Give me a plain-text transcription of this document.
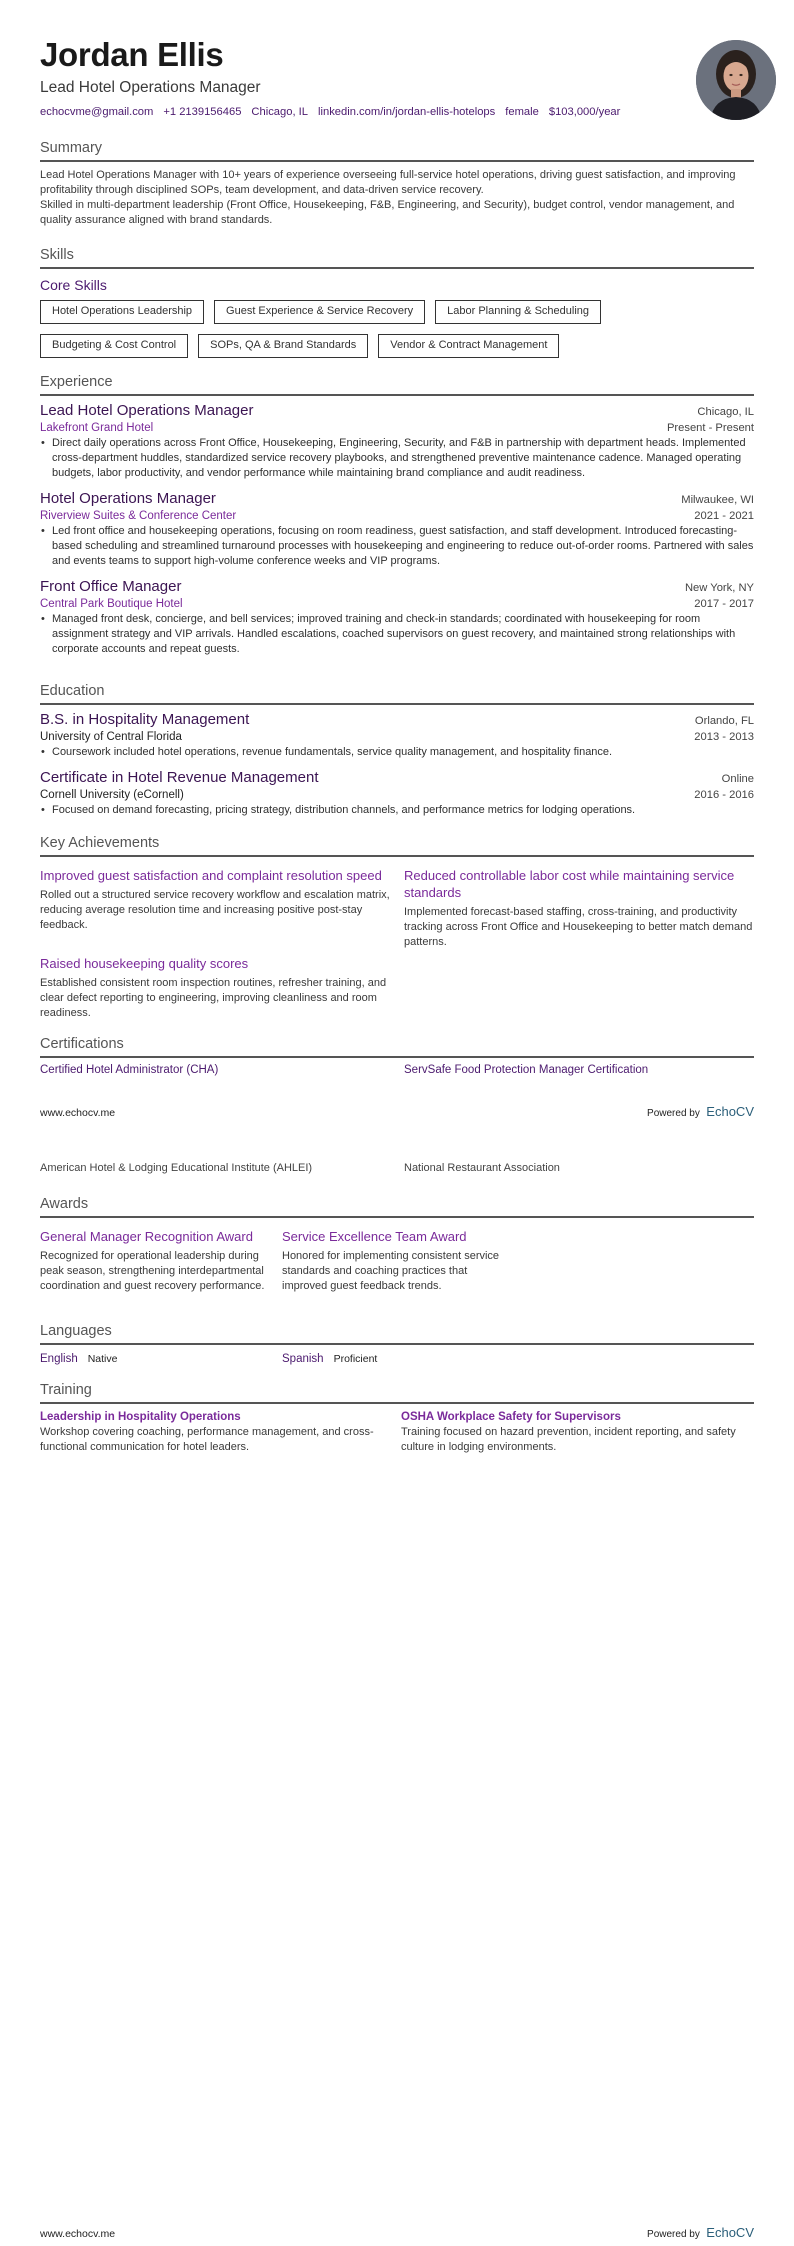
Jordan Ellis
Lead Hotel Operations Manager
echocvme@gmail.com +1 2139156465 Chicago, IL linkedin.com/in/jordan-ellis-hotelops female $103,000/year
Summary
Lead Hotel Operations Manager with 10+ years of experience overseeing full-service hotel operations, driving guest satisfaction, and improving profitability through disciplined SOPs, team development, and data-driven service recovery.
Skilled in multi-department leadership (Front Office, Housekeeping, F&B, Engineering, and Security), budget control, vendor management, and quality assurance aligned with brand standards.
Skills
Core Skills
Hotel Operations Leadership	Guest Experience & Service Recovery	Labor Planning & Scheduling
Budgeting & Cost Control	SOPs, QA & Brand Standards	Vendor & Contract Management
Experience
Lead Hotel Operations Manager	Chicago, IL
Lakefront Grand Hotel	Present - Present
• Direct daily operations across Front Office, Housekeeping, Engineering, Security, and F&B in partnership with department heads. Implemented cross-department huddles, standardized service recovery playbooks, and strengthened preventive maintenance cadence. Managed operating budgets, labor productivity, and vendor performance while maintaining brand compliance and audit readiness.
Hotel Operations Manager	Milwaukee, WI
Riverview Suites & Conference Center	2021 - 2021
• Led front office and housekeeping operations, focusing on room readiness, guest satisfaction, and staff development. Introduced forecasting-based scheduling and streamlined turnaround processes with housekeeping and engineering to reduce out-of-order rooms. Partnered with sales and events teams to support high-volume conference weeks and VIP programs.
Front Office Manager	New York, NY
Central Park Boutique Hotel	2017 - 2017
• Managed front desk, concierge, and bell services; improved training and check-in standards; coordinated with housekeeping for room assignment strategy and VIP arrivals. Handled escalations, coached supervisors on guest recovery, and maintained strong relationships with corporate accounts and repeat guests.
Education
B.S. in Hospitality Management	Orlando, FL
University of Central Florida	2013 - 2013
• Coursework included hotel operations, revenue fundamentals, service quality management, and hospitality finance.
Certificate in Hotel Revenue Management	Online
Cornell University (eCornell)	2016 - 2016
• Focused on demand forecasting, pricing strategy, distribution channels, and performance metrics for lodging operations.
Key Achievements
Improved guest satisfaction and complaint resolution speed
Rolled out a structured service recovery workflow and escalation matrix, reducing average resolution time and increasing positive post-stay feedback.
Reduced controllable labor cost while maintaining service standards
Implemented forecast-based staffing, cross-training, and productivity tracking across Front Office and Housekeeping to better match demand patterns.
Raised housekeeping quality scores
Established consistent room inspection routines, refresher training, and clear defect reporting to engineering, improving cleanliness and room readiness.
Certifications
Certified Hotel Administrator (CHA)	ServSafe Food Protection Manager Certification
www.echocv.me	Powered by EchoCV
American Hotel & Lodging Educational Institute (AHLEI)	National Restaurant Association
Awards
General Manager Recognition Award
Recognized for operational leadership during peak season, strengthening interdepartmental coordination and guest recovery performance.
Service Excellence Team Award
Honored for implementing consistent service standards and coaching practices that improved guest feedback trends.
Languages
English Native	Spanish Proficient
Training
Leadership in Hospitality Operations
Workshop covering coaching, performance management, and cross-functional communication for hotel leaders.
OSHA Workplace Safety for Supervisors
Training focused on hazard prevention, incident reporting, and safety culture in lodging environments.
www.echocv.me	Powered by EchoCV
